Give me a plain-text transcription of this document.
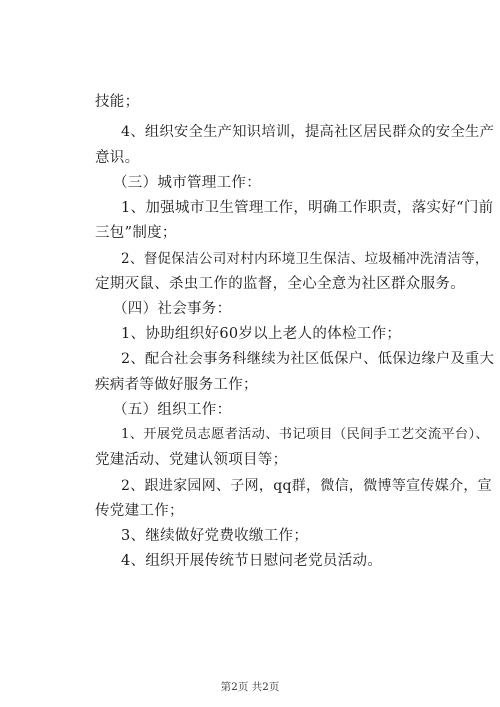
技能；
4、组织安全生产知识培训，提高社区居民群众的安全生产
意识。
（三）城市管理工作：
1、加强城市卫生管理工作，明确工作职责，落实好“门前
三包”制度；
2、督促保洁公司对村内环境卫生保洁、垃圾桶冲洗清洁等，
定期灭鼠、杀虫工作的监督，全心全意为社区群众服务。
（四）社会事务：
1、协助组织好60岁以上老人的体检工作；
2、配合社会事务科继续为社区低保户、低保边缘户及重大
疾病者等做好服务工作；
（五）组织工作：
1、开展党员志愿者活动、书记项目（民间手工艺交流平台）、
党建活动、党建认领项目等；
2、跟进家园网、子网，qq群，微信，微博等宣传媒介，宣
传党建工作；
3、继续做好党费收缴工作；
4、组织开展传统节日慰问老党员活动。
第2页 共2页
